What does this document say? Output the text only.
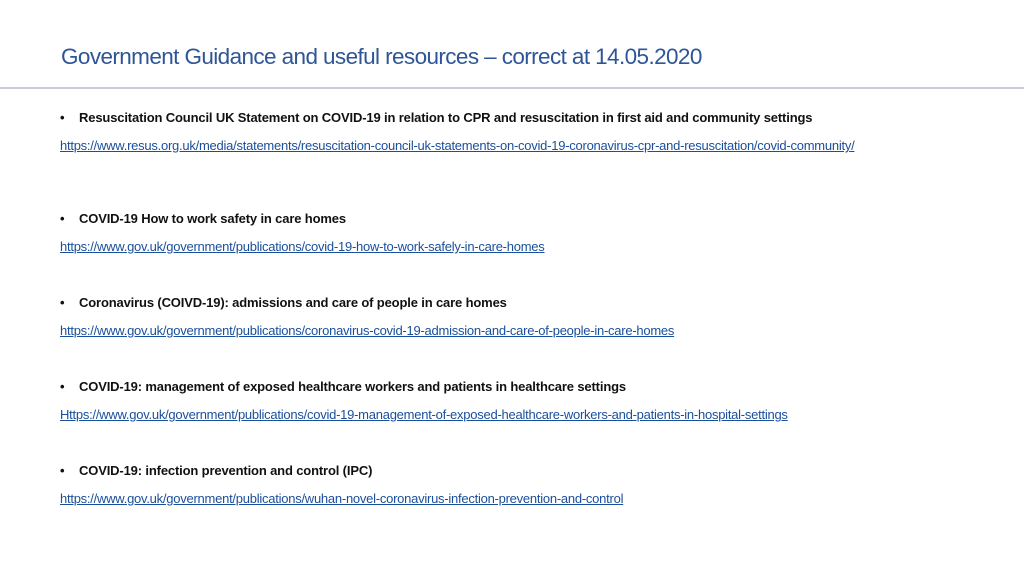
Government Guidance and useful resources – correct at 14.05.2020
• Resuscitation Council UK Statement on COVID-19 in relation to CPR and resuscitation in first aid and community settings
https://www.resus.org.uk/media/statements/resuscitation-council-uk-statements-on-covid-19-coronavirus-cpr-and-resuscitation/covid-community/
• COVID-19 How to work safety in care homes
https://www.gov.uk/government/publications/covid-19-how-to-work-safely-in-care-homes
• Coronavirus (COIVD-19): admissions and care of people in care homes
https://www.gov.uk/government/publications/coronavirus-covid-19-admission-and-care-of-people-in-care-homes
• COVID-19: management of exposed healthcare workers and patients in healthcare settings
Https://www.gov.uk/government/publications/covid-19-management-of-exposed-healthcare-workers-and-patients-in-hospital-settings
• COVID-19: infection prevention and control (IPC)
https://www.gov.uk/government/publications/wuhan-novel-coronavirus-infection-prevention-and-control
